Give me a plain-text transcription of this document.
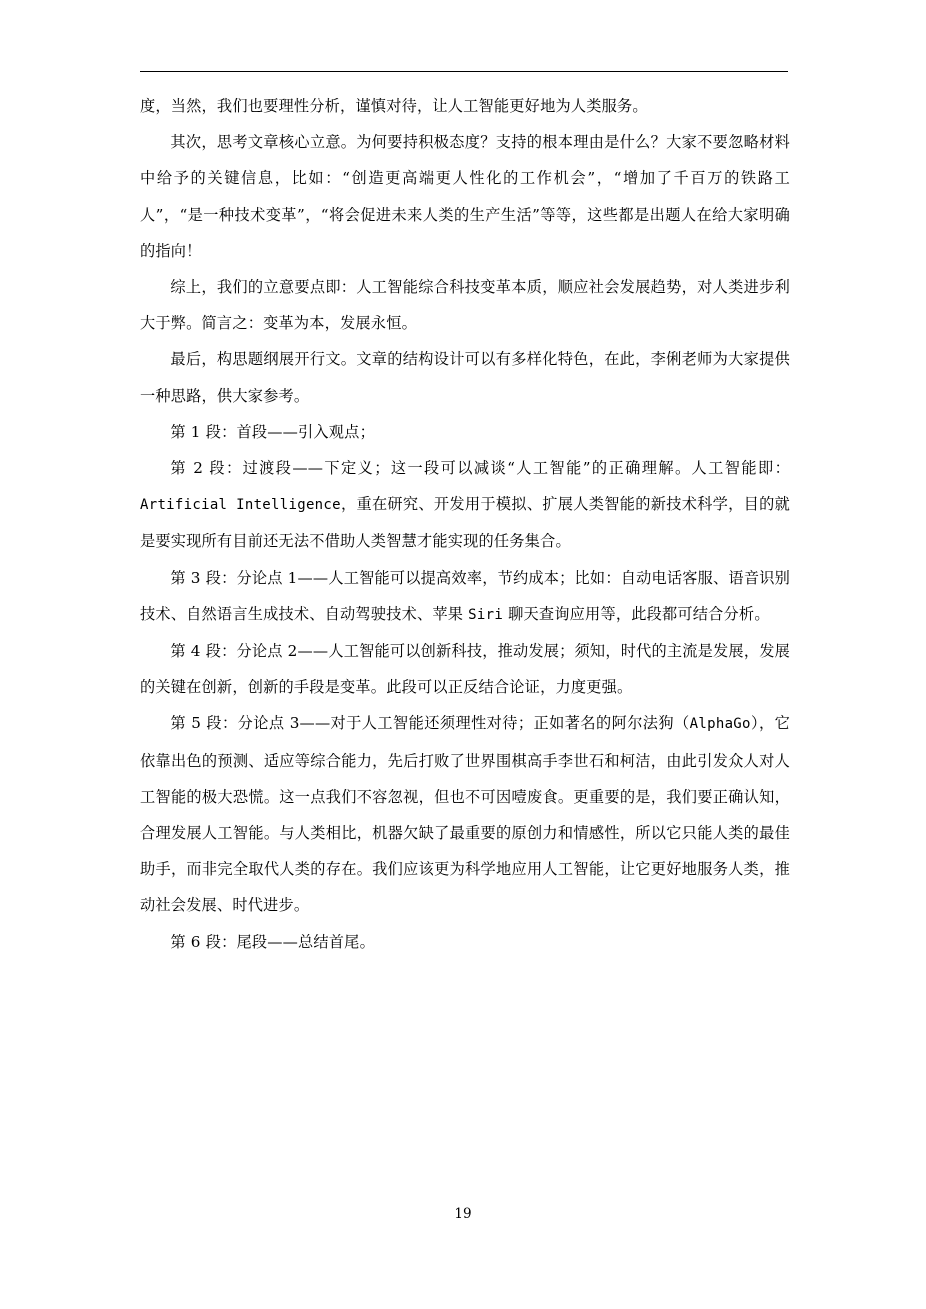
度，当然，我们也要理性分析，谨慎对待，让人工智能更好地为人类服务。

其次，思考文章核心立意。为何要持积极态度？支持的根本理由是什么？大家不要忽略材料中给予的关键信息，比如：“创造更高端更人性化的工作机会”，“增加了千百万的铁路工人”，“是一种技术变革”，“将会促进未来人类的生产生活”等等，这些都是出题人在给大家明确的指向！

综上，我们的立意要点即：人工智能综合科技变革本质，顺应社会发展趋势，对人类进步利大于弊。简言之：变革为本，发展永恒。

最后，构思题纲展开行文。文章的结构设计可以有多样化特色，在此，李俐老师为大家提供一种思路，供大家参考。

第 1 段：首段——引入观点；

第 2 段：过渡段——下定义；这一段可以减谈“人工智能”的正确理解。人工智能即：Artificial Intelligence，重在研究、开发用于模拟、扩展人类智能的新技术科学，目的就是要实现所有目前还无法不借助人类智慧才能实现的任务集合。

第 3 段：分论点 1——人工智能可以提高效率，节约成本；比如：自动电话客服、语音识别技术、自然语言生成技术、自动驾驶技术、苹果 Siri 聊天查询应用等，此段都可结合分析。

第 4 段：分论点 2——人工智能可以创新科技，推动发展；须知，时代的主流是发展，发展的关键在创新，创新的手段是变革。此段可以正反结合论证，力度更强。

第 5 段：分论点 3——对于人工智能还须理性对待；正如著名的阿尔法狗（AlphaGo），它依靠出色的预测、适应等综合能力，先后打败了世界围棋高手李世石和柯洁，由此引发众人对人工智能的极大恐慌。这一点我们不容忽视，但也不可因噎废食。更重要的是，我们要正确认知，合理发展人工智能。与人类相比，机器欠缺了最重要的原创力和情感性，所以它只能人类的最佳助手，而非完全取代人类的存在。我们应该更为科学地应用人工智能，让它更好地服务人类，推动社会发展、时代进步。

第 6 段：尾段——总结首尾。

19
